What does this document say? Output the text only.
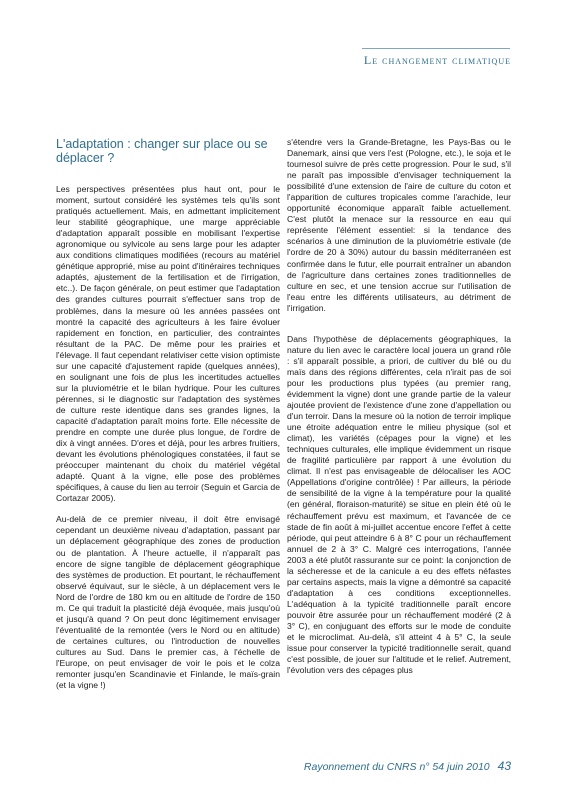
Le changement climatique
L'adaptation : changer sur place ou se déplacer ?

Les perspectives présentées plus haut ont, pour le moment, surtout considéré les systèmes tels qu'ils sont pratiqués actuellement. Mais, en admettant implicitement leur stabilité géographique, une marge appréciable d'adaptation apparaît possible en mobilisant l'expertise agronomique ou sylvicole au sens large pour les adapter aux conditions climatiques modifiées (recours au matériel génétique approprié, mise au point d'itinéraires techniques adaptés, ajustement de la fertilisation et de l'irrigation, etc..). De façon générale, on peut estimer que l'adaptation des grandes cultures pourrait s'effectuer sans trop de problèmes, dans la mesure où les années passées ont montré la capacité des agriculteurs à les faire évoluer rapidement en fonction, en particulier, des contraintes résultant de la PAC. De même pour les prairies et l'élevage. Il faut cependant relativiser cette vision optimiste sur une capacité d'ajustement rapide (quelques années), en soulignant une fois de plus les incertitudes actuelles sur la pluviométrie et le bilan hydrique. Pour les cultures pérennes, si le diagnostic sur l'adaptation des systèmes de culture reste identique dans ses grandes lignes, la capacité d'adaptation paraît moins forte. Elle nécessite de prendre en compte une durée plus longue, de l'ordre de dix à vingt années. D'ores et déjà, pour les arbres fruitiers, devant les évolutions phénologiques constatées, il faut se préoccuper maintenant du choix du matériel végétal adapté. Quant à la vigne, elle pose des problèmes spécifiques, à cause du lien au terroir (Seguin et Garcia de Cortazar 2005).

Au-delà de ce premier niveau, il doit être envisagé cependant un deuxième niveau d'adaptation, passant par un déplacement géographique des zones de production ou de plantation. À l'heure actuelle, il n'apparaît pas encore de signe tangible de déplacement géographique des systèmes de production. Et pourtant, le réchauffement observé équivaut, sur le siècle, à un déplacement vers le Nord de l'ordre de 180 km ou en altitude de l'ordre de 150 m. Ce qui traduit la plasticité déjà évoquée, mais jusqu'où et jusqu'à quand ? On peut donc légitimement envisager l'éventualité de la remontée (vers le Nord ou en altitude) de certaines cultures, ou l'introduction de nouvelles cultures au Sud. Dans le premier cas, à l'échelle de l'Europe, on peut envisager de voir le pois et le colza remonter jusqu'en Scandinavie et Finlande, le maïs-grain (et la vigne !)

s'étendre vers la Grande-Bretagne, les Pays-Bas ou le Danemark, ainsi que vers l'est (Pologne, etc.), le soja et le tournesol suivre de près cette progression. Pour le sud, s'il ne paraît pas impossible d'envisager techniquement la possibilité d'une extension de l'aire de culture du coton et l'apparition de cultures tropicales comme l'arachide, leur opportunité économique apparaît faible actuellement. C'est plutôt la menace sur la ressource en eau qui représente l'élément essentiel: si la tendance des scénarios à une diminution de la pluviométrie estivale (de l'ordre de 20 à 30%) autour du bassin méditerranéen est confirmée dans le futur, elle pourrait entraîner un abandon de l'agriculture dans certaines zones traditionnelles de culture en sec, et une tension accrue sur l'utilisation de l'eau entre les différents utilisateurs, au détriment de l'irrigation.

Dans l'hypothèse de déplacements géographiques, la nature du lien avec le caractère local jouera un grand rôle : s'il apparaît possible, a priori, de cultiver du blé ou du maïs dans des régions différentes, cela n'irait pas de soi pour les productions plus typées (au premier rang, évidemment la vigne) dont une grande partie de la valeur ajoutée provient de l'existence d'une zone d'appellation ou d'un terroir. Dans la mesure où la notion de terroir implique une étroite adéquation entre le milieu physique (sol et climat), les variétés (cépages pour la vigne) et les techniques culturales, elle implique évidemment un risque de fragilité particulière par rapport à une évolution du climat. Il n'est pas envisageable de délocaliser les AOC (Appellations d'origine contrôlée) ! Par ailleurs, la période de sensibilité de la vigne à la température pour la qualité (en général, floraison-maturité) se situe en plein été où le réchauffement prévu est maximum, et l'avancée de ce stade de fin août à mi-juillet accentue encore l'effet à cette période, qui peut atteindre 6 à 8° C pour un réchauffement annuel de 2 à 3° C. Malgré ces interrogations, l'année 2003 a été plutôt rassurante sur ce point: la conjonction de la sécheresse et de la canicule a eu des effets néfastes par certains aspects, mais la vigne a démontré sa capacité d'adaptation à ces conditions exceptionnelles. L'adéquation à la typicité traditionnelle paraît encore pouvoir être assurée pour un réchauffement modéré (2 à 3° C), en conjuguant des efforts sur le mode de conduite et le microclimat. Au-delà, s'il atteint 4 à 5° C, la seule issue pour conserver la typicité traditionnelle serait, quand c'est possible, de jouer sur l'altitude et le relief. Autrement, l'évolution vers des cépages plus

Rayonnement du CNRS n° 54 juin 2010 43
